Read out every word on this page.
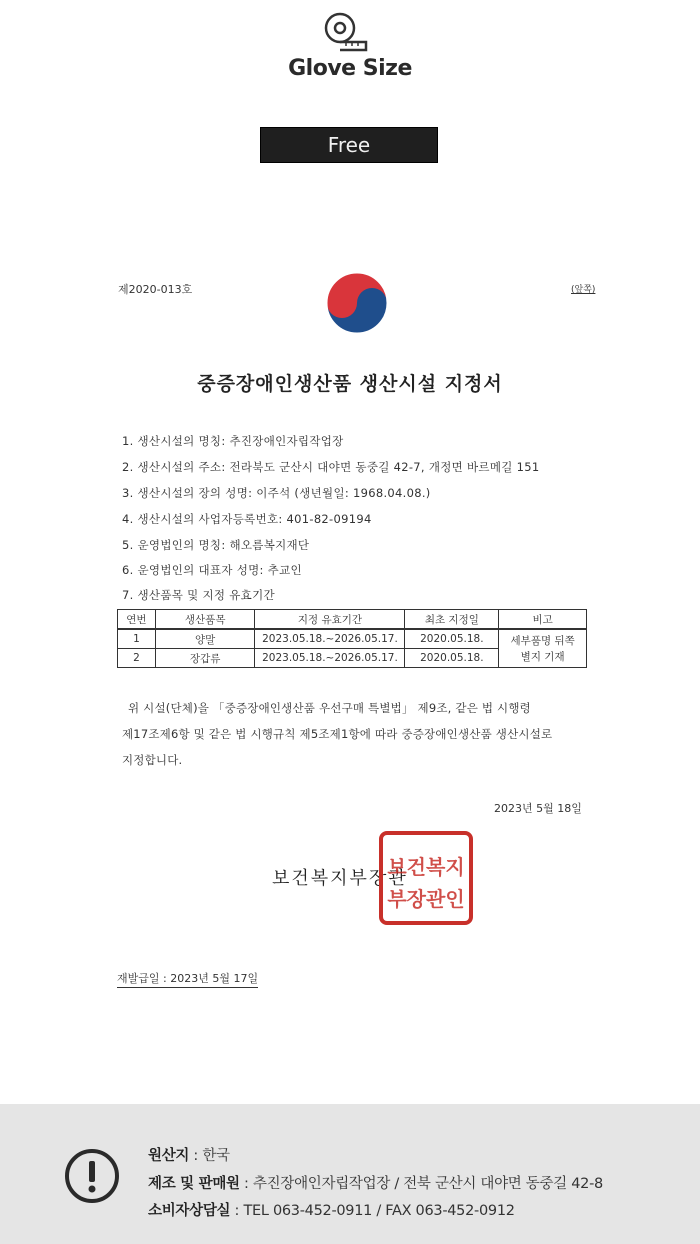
Glove Size
Free
제2020-013호	(앞쪽)
중증장애인생산품 생산시설 지정서
1. 생산시설의 명칭: 추진장애인자립작업장
2. 생산시설의 주소: 전라북도 군산시 대야면 동중길 42-7, 개정면 바르메길 151
3. 생산시설의 장의 성명: 이주석 (생년월일: 1968.04.08.)
4. 생산시설의 사업자등록번호: 401-82-09194
5. 운영법인의 명칭: 해오름복지재단
6. 운영법인의 대표자 성명: 추교인
7. 생산품목 및 지정 유효기간
연번	생산품목	지정 유효기간	최초 지정일	비고
1	양말	2023.05.18.~2026.05.17.	2020.05.18.	세부품명 뒤쪽
별지 기재

2	장갑류	2023.05.18.~2026.05.17.	2020.05.18.	
위 시설(단체)을 「중증장애인생산품 우선구매 특별법」 제9조, 같은 법 시행령
제17조제6항 및 같은 법 시행규칙 제5조제1항에 따라 중증장애인생산품 생산시설로
지정합니다.
2023년 5월 18일
보건복지부장관
보건복지
부장관인
재발급일 : 2023년 5월 17일
원산지 : 한국
제조 및 판매원 : 추진장애인자립작업장 / 전북 군산시 대야면 동중길 42-8
소비자상담실 : TEL 063-452-0911 / FAX 063-452-0912
